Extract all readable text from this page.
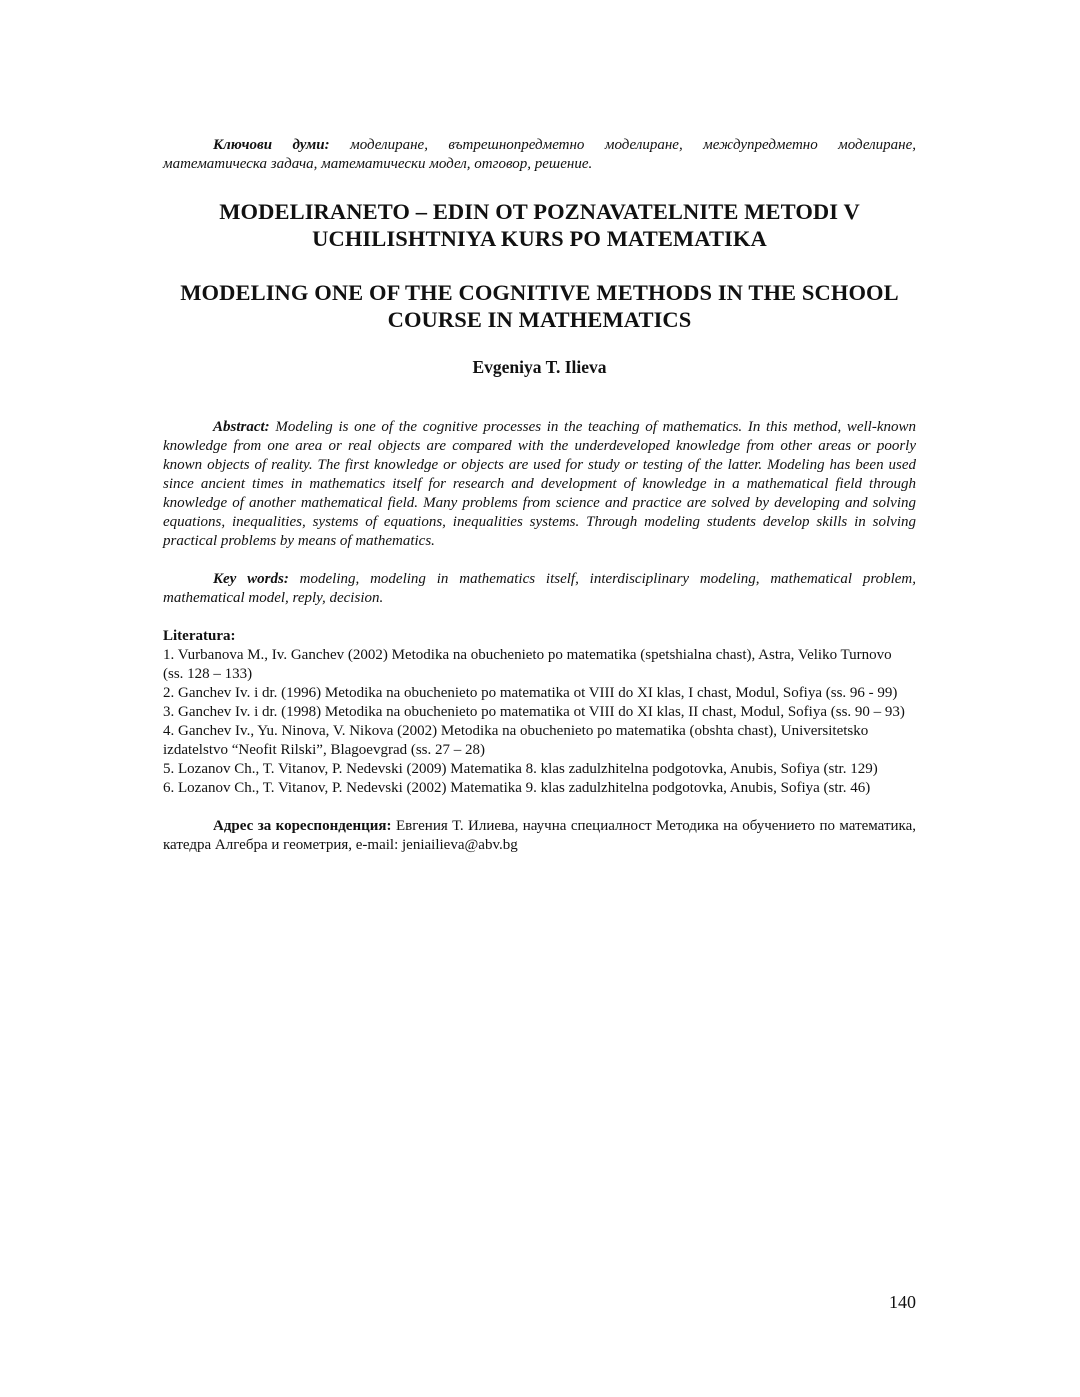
Ключови думи: моделиране, вътрешнопредметно моделиране, междупредметно моделиране, математическа задача, математически модел, отговор, решение.

MODELIRANETO – EDIN OT POZNAVATELNITE METODI V
UCHILISHTNIYA KURS PO MATEMATIKA
MODELING ONE OF THE COGNITIVE METHODS IN THE SCHOOL
COURSE IN MATHEMATICS

Evgeniya T. Ilieva

Abstract: Modeling is one of the cognitive processes in the teaching of mathematics. In this method, well-known knowledge from one area or real objects are compared with the underdeveloped knowledge from other areas or poorly known objects of reality. The first knowledge or objects are used for study or testing of the latter. Modeling has been used since ancient times in mathematics itself for research and development of knowledge in a mathematical field through knowledge of another mathematical field. Many problems from science and practice are solved by developing and solving equations, inequalities, systems of equations, inequalities systems. Through modeling students develop skills in solving practical problems by means of mathematics.

Key words: modeling, modeling in mathematics itself, interdisciplinary modeling, mathematical problem, mathematical model, reply, decision.

Literatura:

1. Vurbanova M., Iv. Ganchev (2002) Metodika na obuchenieto po matematika (spetshialna chast), Astra, Veliko Turnovo (ss. 128 – 133)
2. Ganchev Iv. i dr. (1996) Metodika na obuchenieto po matematika ot VIII do XI klas, I chast, Modul, Sofiya (ss. 96 - 99)
3. Ganchev Iv. i dr. (1998) Metodika na obuchenieto po matematika ot VIII do XI klas, II chast, Modul, Sofiya (ss. 90 – 93)
4. Ganchev Iv., Yu. Ninova, V. Nikova (2002) Metodika na obuchenieto po matematika (obshta chast), Universitetsko izdatelstvo “Neofit Rilski”, Blagoevgrad (ss. 27 – 28)
5. Lozanov Ch., T. Vitanov, P. Nedevski (2009) Matematika 8. klas zadulzhitelna podgotovka, Anubis, Sofiya (str. 129)
6. Lozanov Ch., T. Vitanov, P. Nedevski (2002) Matematika 9. klas zadulzhitelna podgotovka, Anubis, Sofiya (str. 46)

Адрес за кореспонденция: Евгения Т. Илиева, научна специалност Методика на обучението по математика, катедра Алгебра и геометрия, e-mail: jeniailieva@abv.bg

140
